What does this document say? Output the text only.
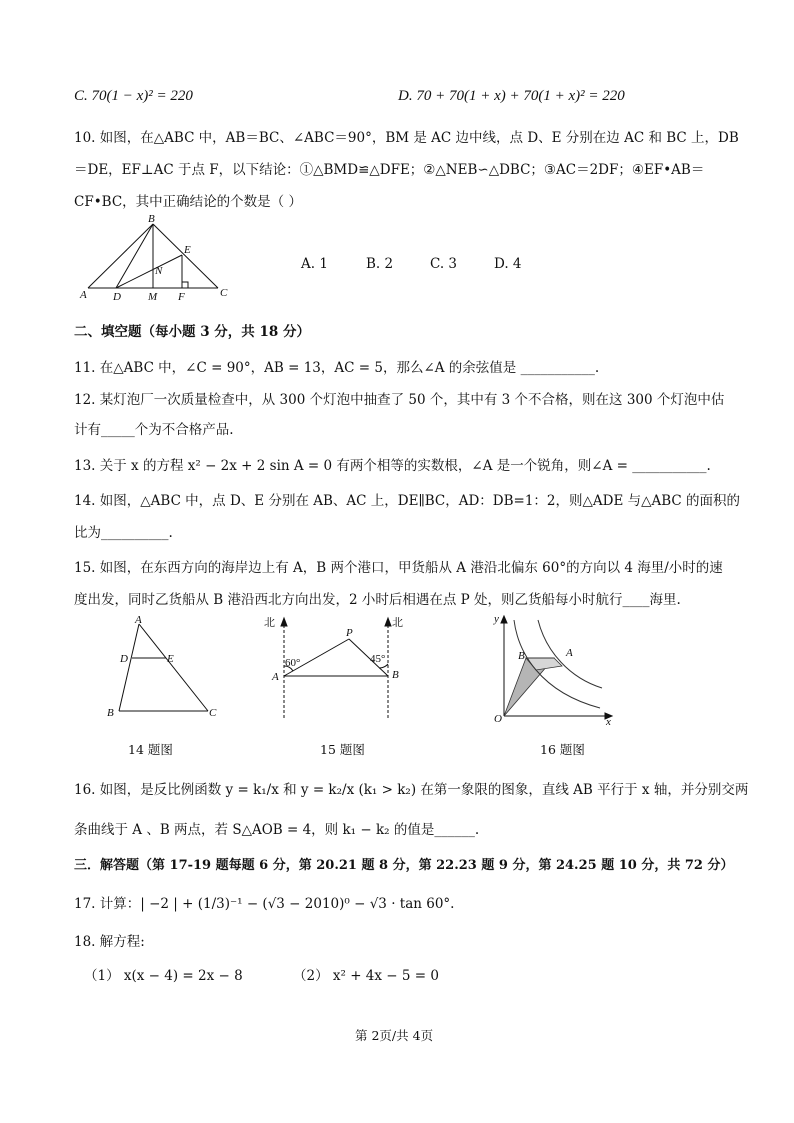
C. 70(1 − x)² = 220	D. 70 + 70(1 + x) + 70(1 + x)² = 220
10. 如图，在△ABC 中，AB＝BC、∠ABC＝90°，BM 是 AC 边中线，点 D、E 分别在边 AC 和 BC 上，DB
＝DE，EF⊥AC 于点 F，以下结论：①△BMD≌△DFE；②△NEB∽△DBC；③AC＝2DF；④EF•AB＝
CF•BC，其中正确结论的个数是（ ）
B
E
N
A D M F	C
A. 1	B. 2	C. 3	D. 4
二、填空题（每小题 3 分，共 18 分）
11. 在△ABC 中，∠C = 90°，AB = 13，AC = 5，那么∠A 的余弦值是 ___________.
12. 某灯泡厂一次质量检查中，从 300 个灯泡中抽查了 50 个，其中有 3 个不合格，则在这 300 个灯泡中估
计有_____个为不合格产品.
13. 关于 x 的方程 x² − 2x + 2 sin A = 0 有两个相等的实数根，∠A 是一个锐角，则∠A = ___________.
14. 如图，△ABC 中，点 D、E 分别在 AB、AC 上，DE∥BC，AD：DB=1：2，则△ADE 与△ABC 的面积的
比为__________.
15. 如图，在东西方向的海岸边上有 A，B 两个港口，甲货船从 A 港沿北偏东 60°的方向以 4 海里/小时的速
度出发，同时乙货船从 B 港沿西北方向出发，2 小时后相遇在点 P 处，则乙货船每小时航行____海里.
A
D	E
B	C
14 题图
北	北
60°	45°
P
A	B
15 题图
y
B	A
O	x
16 题图
16. 如图，是反比例函数 y = k₁/x 和 y = k₂/x (k₁ > k₂) 在第一象限的图象，直线 AB 平行于 x 轴，并分别交两
条曲线于 A 、B 两点，若 S△AOB = 4，则 k₁ − k₂ 的值是______.
三．解答题（第 17-19 题每题 6 分，第 20.21 题 8 分，第 22.23 题 9 分，第 24.25 题 10 分，共 72 分）
17. 计算：| −2 | + (1/3)⁻¹ − (√3 − 2010)⁰ − √3 · tan 60°.
18. 解方程:
（1） x(x − 4) = 2x − 8	（2） x² + 4x − 5 = 0
第 2页/共 4页
